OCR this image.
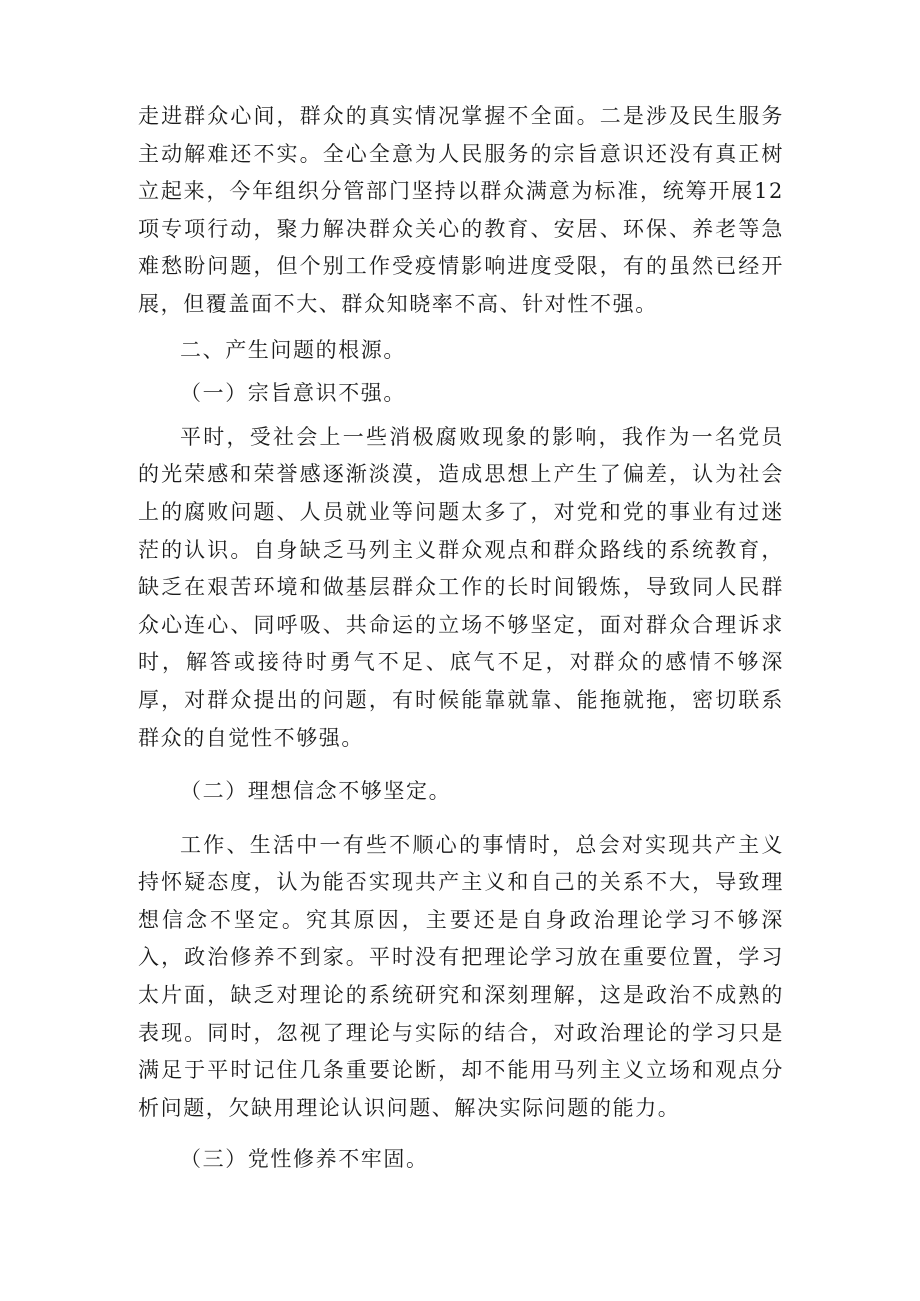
走进群众心间，群众的真实情况掌握不全面。二是涉及民生服务主动解难还不实。全心全意为人民服务的宗旨意识还没有真正树立起来，今年组织分管部门坚持以群众满意为标准，统筹开展12项专项行动，聚力解决群众关心的教育、安居、环保、养老等急难愁盼问题，但个别工作受疫情影响进度受限，有的虽然已经开展，但覆盖面不大、群众知晓率不高、针对性不强。

二、产生问题的根源。

（一）宗旨意识不强。

平时，受社会上一些消极腐败现象的影响，我作为一名党员的光荣感和荣誉感逐渐淡漠，造成思想上产生了偏差，认为社会上的腐败问题、人员就业等问题太多了，对党和党的事业有过迷茫的认识。自身缺乏马列主义群众观点和群众路线的系统教育，缺乏在艰苦环境和做基层群众工作的长时间锻炼，导致同人民群众心连心、同呼吸、共命运的立场不够坚定，面对群众合理诉求时，解答或接待时勇气不足、底气不足，对群众的感情不够深厚，对群众提出的问题，有时候能靠就靠、能拖就拖，密切联系群众的自觉性不够强。

（二）理想信念不够坚定。

工作、生活中一有些不顺心的事情时，总会对实现共产主义持怀疑态度，认为能否实现共产主义和自己的关系不大，导致理想信念不坚定。究其原因，主要还是自身政治理论学习不够深入，政治修养不到家。平时没有把理论学习放在重要位置，学习太片面，缺乏对理论的系统研究和深刻理解，这是政治不成熟的表现。同时，忽视了理论与实际的结合，对政治理论的学习只是满足于平时记住几条重要论断，却不能用马列主义立场和观点分析问题，欠缺用理论认识问题、解决实际问题的能力。

（三）党性修养不牢固。
